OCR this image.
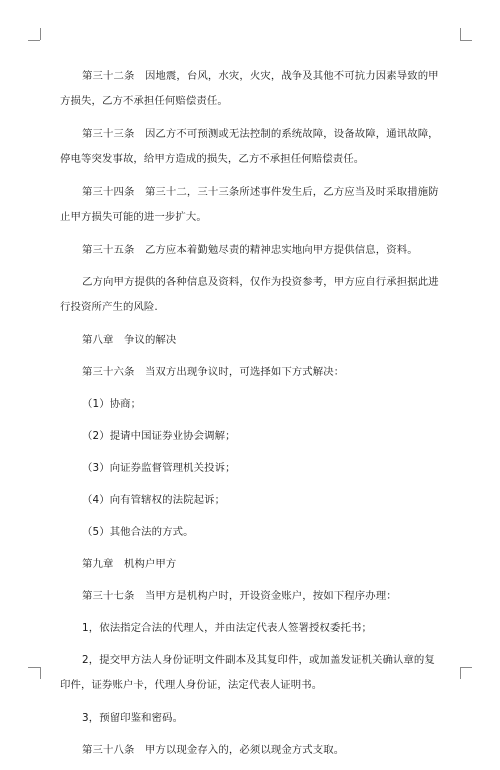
第三十二条　因地震，台风，水灾，火灾，战争及其他不可抗力因素导致的甲方损失，乙方不承担任何赔偿责任。

第三十三条　因乙方不可预测或无法控制的系统故障，设备故障，通讯故障，停电等突发事故，给甲方造成的损失，乙方不承担任何赔偿责任。

第三十四条　第三十二，三十三条所述事件发生后，乙方应当及时采取措施防止甲方损失可能的进一步扩大。

第三十五条　乙方应本着勤勉尽责的精神忠实地向甲方提供信息，资料。

乙方向甲方提供的各种信息及资料，仅作为投资参考，甲方应自行承担据此进行投资所产生的风险.

第八章　争议的解决

第三十六条　当双方出现争议时，可选择如下方式解决：

（1）协商；

（2）提请中国证券业协会调解；

（3）向证券监督管理机关投诉；

（4）向有管辖权的法院起诉；

（5）其他合法的方式。

第九章　机构户甲方

第三十七条　当甲方是机构户时，开设资金账户，按如下程序办理：

1，依法指定合法的代理人，并由法定代表人签署授权委托书；

2，提交甲方法人身份证明文件副本及其复印件，或加盖发证机关确认章的复印件，证券账户卡，代理人身份证，法定代表人证明书。

3，预留印鉴和密码。

第三十八条　甲方以现金存入的，必须以现金方式支取。
